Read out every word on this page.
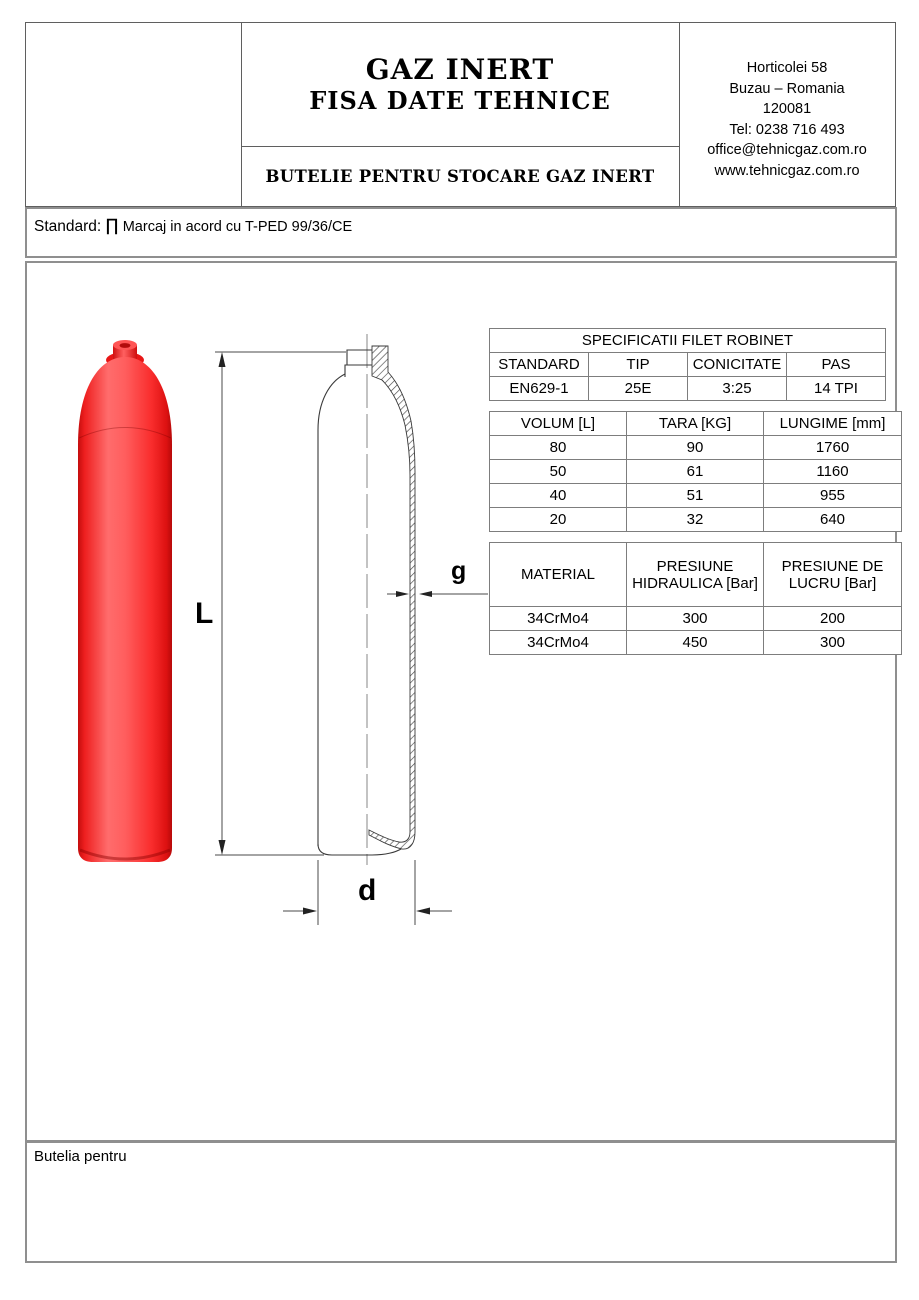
GAZ INERT
FISA DATE TEHNICE
BUTELIE PENTRU STOCARE GAZ INERT
Horticolei 58
Buzau – Romania
120081
Tel: 0238 716 493
office@tehnicgaz.com.ro
www.tehnicgaz.com.ro
Standard: ∏ Marcaj in acord cu T-PED 99/36/CE
L
g
d
SPECIFICATII FILET ROBINET			
STANDARD	TIP	CONICITATE	PAS
EN629-1	25E	3:25	14 TPI
VOLUM [L]	TARA [KG]	LUNGIME [mm]
80	90	1760
50	61	1160
40	51	955
20	32	640
MATERIAL	PRESIUNE HIDRAULICA [Bar]	PRESIUNE DE LUCRU [Bar]
34CrMo4	300	200
34CrMo4	450	300
Butelia pentru
